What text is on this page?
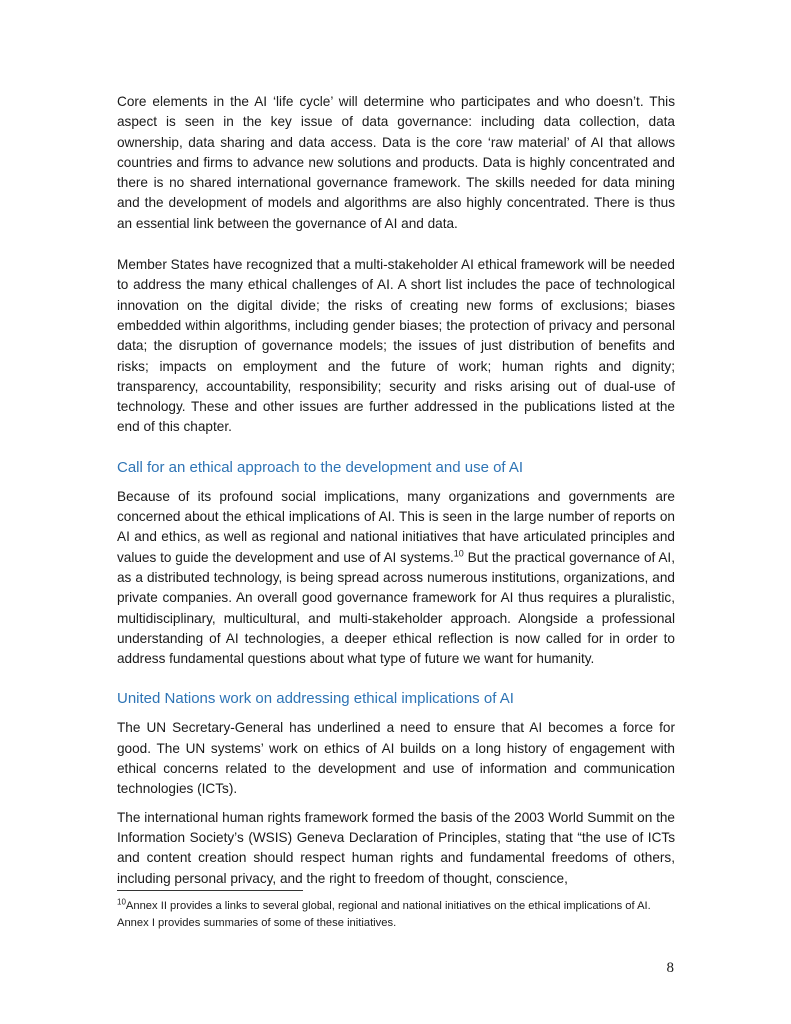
Core elements in the AI ‘life cycle’ will determine who participates and who doesn’t. This aspect is seen in the key issue of data governance: including data collection, data ownership, data sharing and data access. Data is the core ‘raw material’ of AI that allows countries and firms to advance new solutions and products. Data is highly concentrated and there is no shared international governance framework. The skills needed for data mining and the development of models and algorithms are also highly concentrated. There is thus an essential link between the governance of AI and data.

Member States have recognized that a multi-stakeholder AI ethical framework will be needed to address the many ethical challenges of AI. A short list includes the pace of technological innovation on the digital divide; the risks of creating new forms of exclusions; biases embedded within algorithms, including gender biases; the protection of privacy and personal data; the disruption of governance models; the issues of just distribution of benefits and risks; impacts on employment and the future of work; human rights and dignity; transparency, accountability, responsibility; security and risks arising out of dual-use of technology. These and other issues are further addressed in the publications listed at the end of this chapter.

Call for an ethical approach to the development and use of AI

Because of its profound social implications, many organizations and governments are concerned about the ethical implications of AI. This is seen in the large number of reports on AI and ethics, as well as regional and national initiatives that have articulated principles and values to guide the development and use of AI systems.$^{10}$ But the practical governance of AI, as a distributed technology, is being spread across numerous institutions, organizations, and private companies. An overall good governance framework for AI thus requires a pluralistic, multidisciplinary, multicultural, and multi-stakeholder approach. Alongside a professional understanding of AI technologies, a deeper ethical reflection is now called for in order to address fundamental questions about what type of future we want for humanity.

United Nations work on addressing ethical implications of AI

The UN Secretary-General has underlined a need to ensure that AI becomes a force for good. The UN systems’ work on ethics of AI builds on a long history of engagement with ethical concerns related to the development and use of information and communication technologies (ICTs).

The international human rights framework formed the basis of the 2003 World Summit on the Information Society’s (WSIS) Geneva Declaration of Principles, stating that “the use of ICTs and content creation should respect human rights and fundamental freedoms of others, including personal privacy, and the right to freedom of thought, conscience,

$^{10}$Annex II provides a links to several global, regional and national initiatives on the ethical implications of AI. Annex I provides summaries of some of these initiatives.

8
